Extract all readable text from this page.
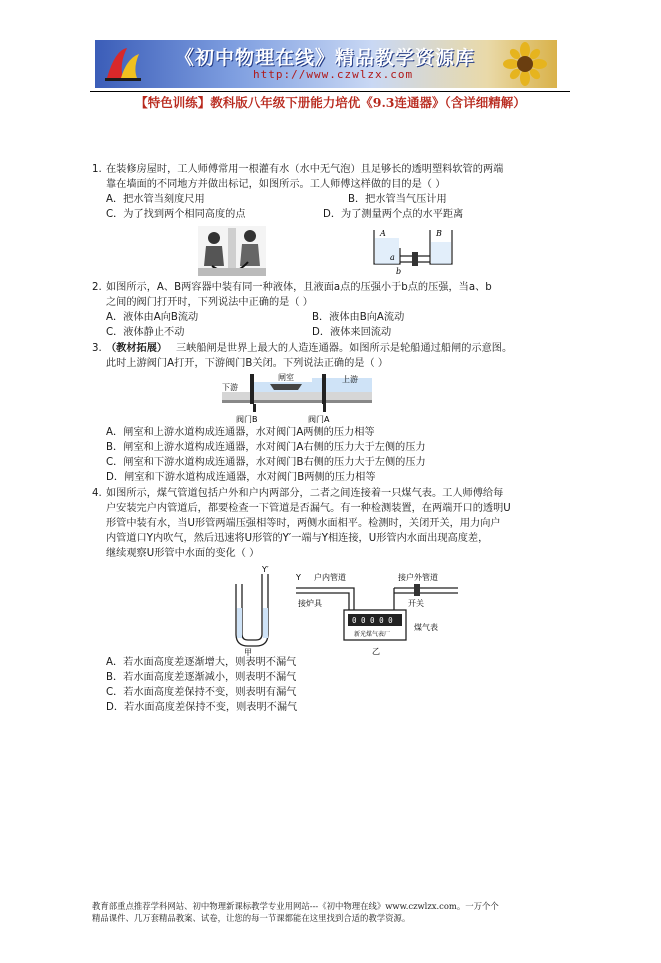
《初中物理在线》精品教学资源库
http://www.czwlzx.com
【特色训练】教科版八年级下册能力培优《9.3连通器》（含详细精解）
1. 在装修房屋时，工人师傅常用一根灌有水（水中无气泡）且足够长的透明塑料软管的两端
靠在墙面的不同地方并做出标记，如图所示。工人师傅这样做的目的是（ ）
A．把水管当刻度尺用	B．把水管当气压计用
C．为了找到两个相同高度的点	D．为了测量两个点的水平距离
A	B
a
b
2. 如图所示，A、B两容器中装有同一种液体，且液面a点的压强小于b点的压强，当a、b
之间的阀门打开时，下列说法中正确的是（ ）
A．液体由A向B流动	B．液体由B向A流动
C．液体静止不动	D．液体来回流动
3. （教材拓展） 三峡船闸是世界上最大的人造连通器。如图所示是轮船通过船闸的示意图。
此时上游阀门A打开，下游阀门B关闭。下列说法正确的是（ ）
下游
闸室	上游
阀门B	阀门A
A．闸室和上游水道构成连通器，水对阀门A两侧的压力相等
B．闸室和上游水道构成连通器，水对阀门A右侧的压力大于左侧的压力
C．闸室和下游水道构成连通器，水对阀门B右侧的压力大于左侧的压力
D．闸室和下游水道构成连通器，水对阀门B两侧的压力相等
4. 如图所示，煤气管道包括户外和户内两部分，二者之间连接着一只煤气表。工人师傅给每
户安装完户内管道后，都要检查一下管道是否漏气。有一种检测装置，在两端开口的透明U
形管中装有水，当U形管两端压强相等时，两侧水面相平。检测时，关闭开关，用力向户
内管道口Y内吹气，然后迅速将U形管的Y′一端与Y相连接，U形管内水面出现高度差，
继续观察U形管中水面的变化（ ）
Y′
甲
0 0 0 0 0
新光煤气表厂
Y 户内管道	接户外管道
接炉具	开关
煤气表
乙
A．若水面高度差逐渐增大，则表明不漏气
B．若水面高度差逐渐减小，则表明不漏气
C．若水面高度差保持不变，则表明有漏气
D．若水面高度差保持不变，则表明不漏气
教育部重点推荐学科网站、初中物理新课标教学专业用网站---《初中物理在线》www.czwlzx.com。一万个个
精品课件、几万套精品教案、试卷，让您的每一节课都能在这里找到合适的教学资源。
